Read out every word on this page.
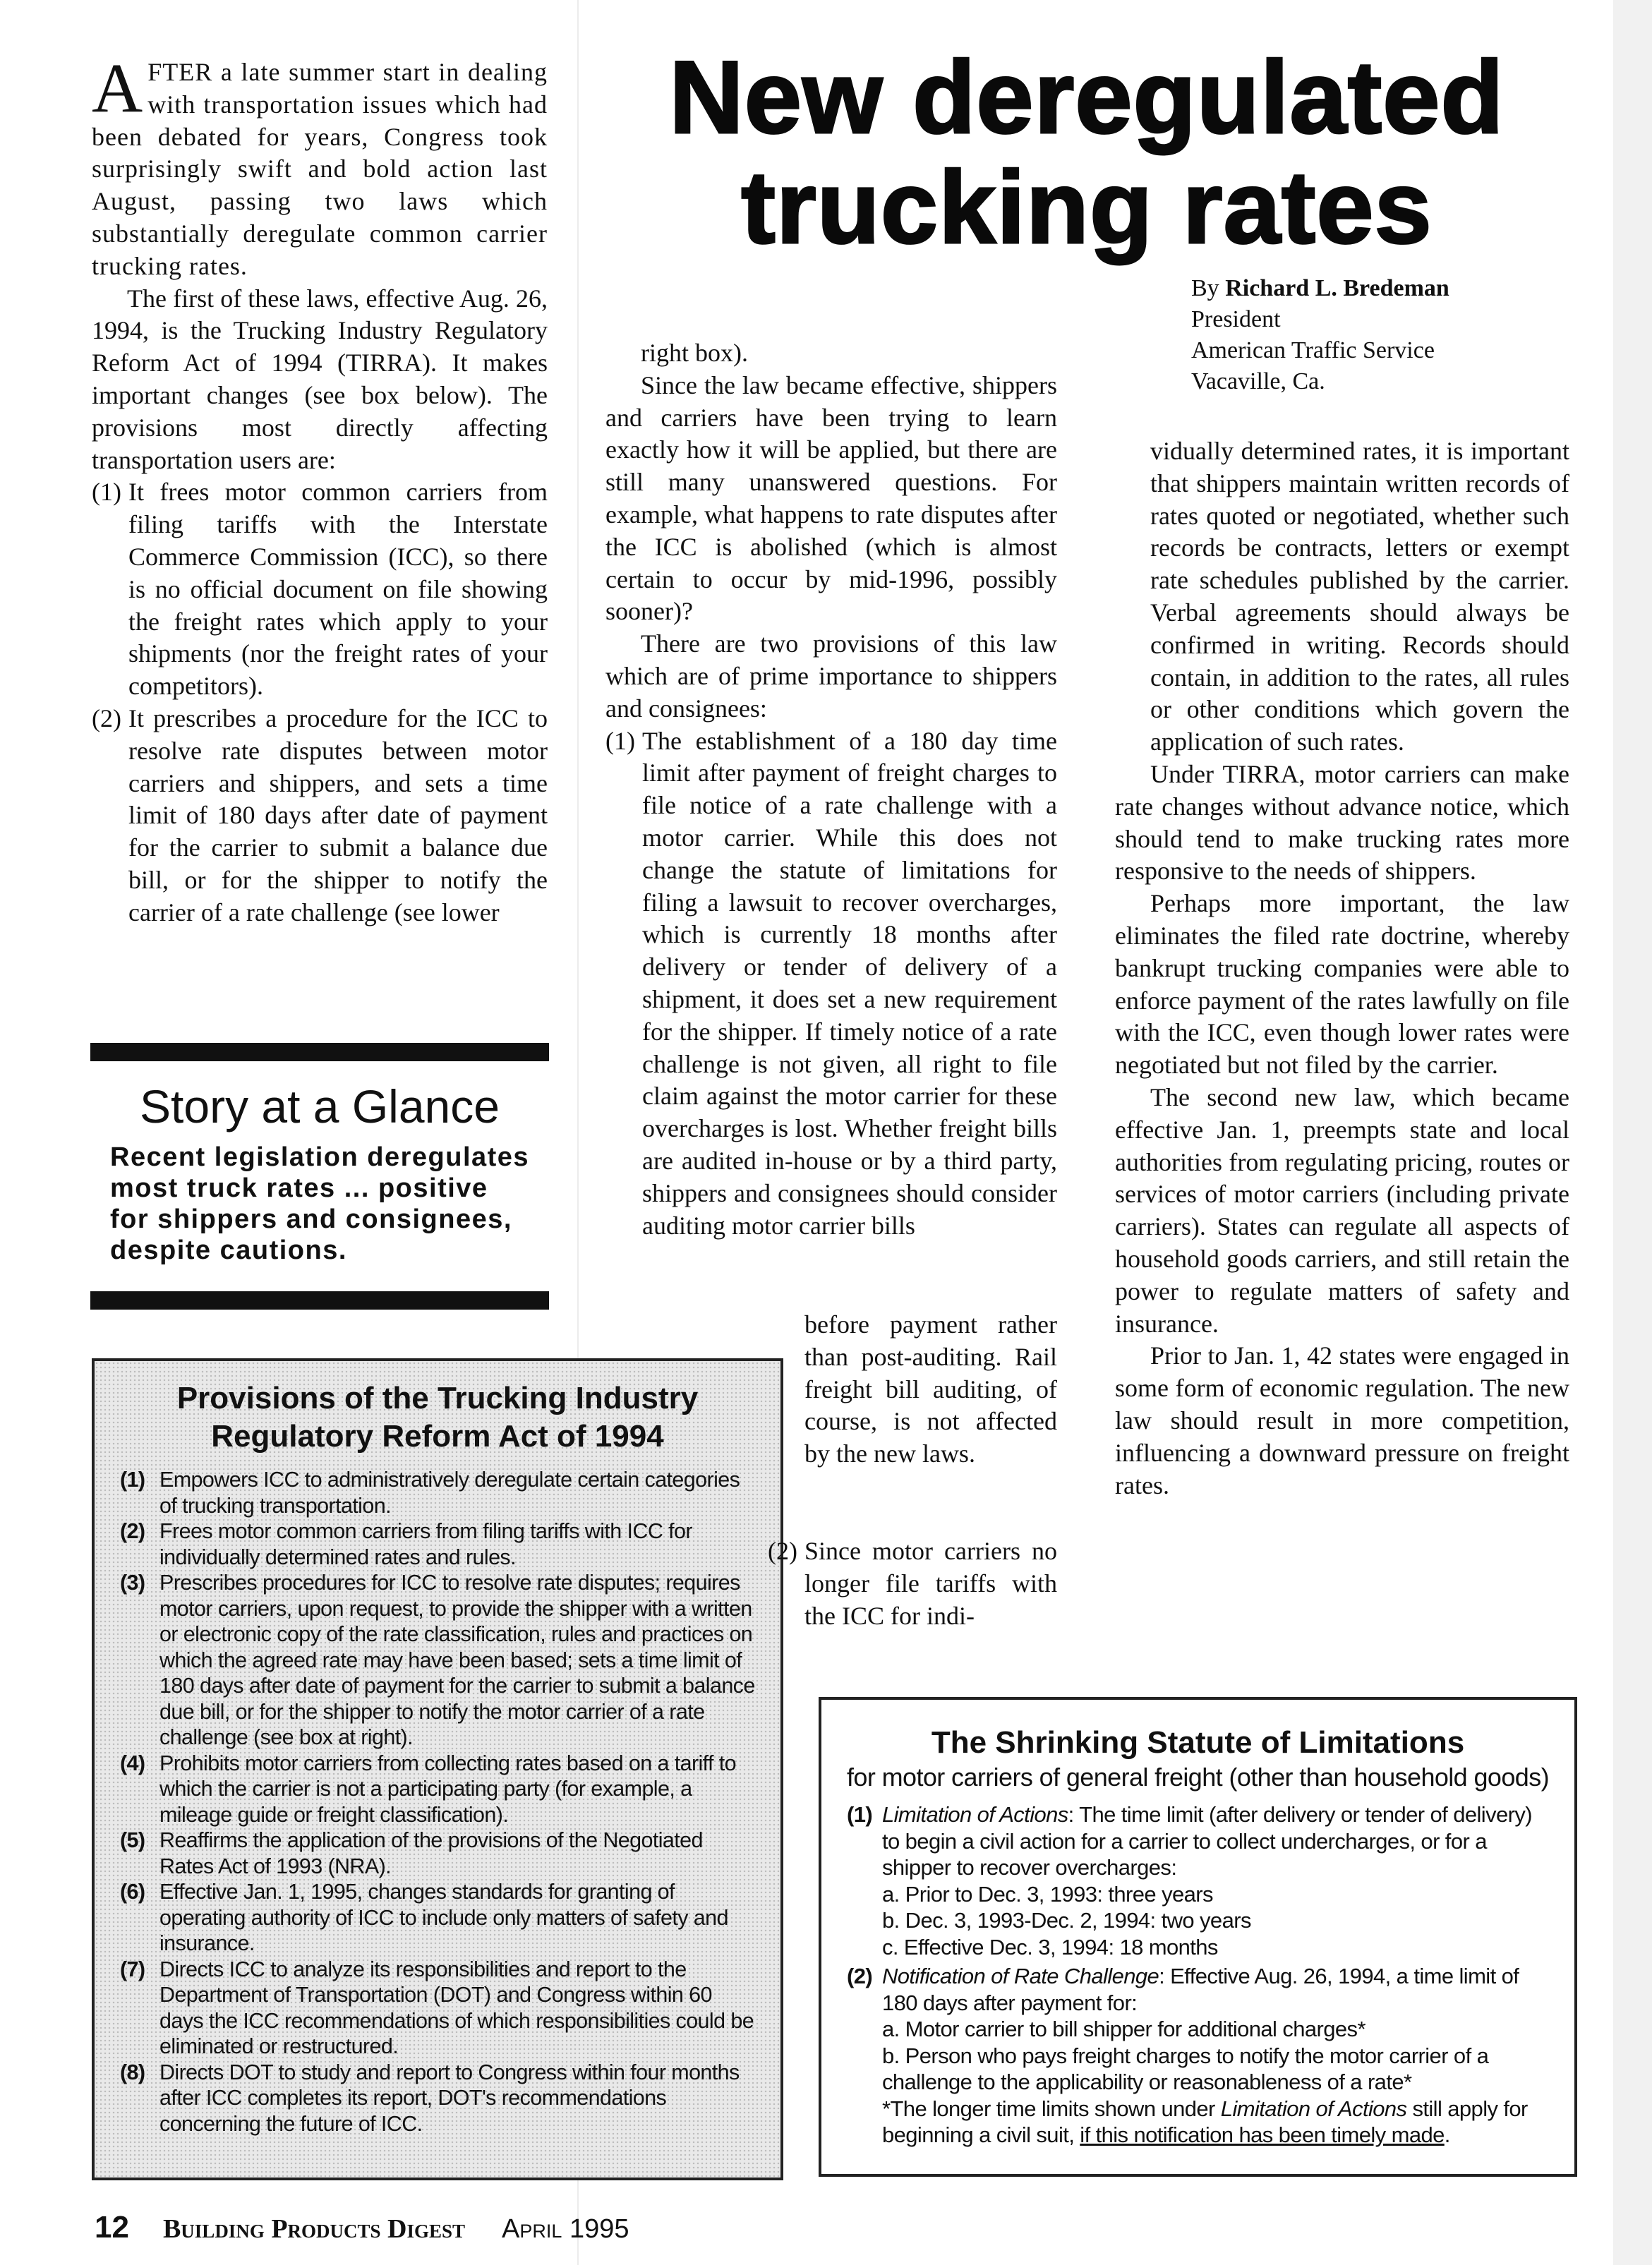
New deregulated
trucking rates
By Richard L. Bredeman
President
American Traffic Service
Vacaville, Ca.

AFTER a late summer start in dealing with transportation issues which had been debated for years, Congress took surprisingly swift and bold action last August, passing two laws which substantially deregulate common carrier trucking rates.

The first of these laws, effective Aug. 26, 1994, is the Trucking Industry Regulatory Reform Act of 1994 (TIRRA). It makes important changes (see box below). The provisions most directly affecting transportation users are:

(1) It frees motor common carriers from filing tariffs with the Interstate Commerce Commission (ICC), so there is no official document on file showing the freight rates which apply to your shipments (nor the freight rates of your competitors).
(2) It prescribes a procedure for the ICC to resolve rate disputes between motor carriers and shippers, and sets a time limit of 180 days after date of payment for the carrier to submit a balance due bill, or for the shipper to notify the carrier of a rate challenge (see lower
Story at a Glance
Recent legislation deregulates most truck rates ... positive for shippers and consignees, despite cautions.
Provisions of the Trucking Industry Regulatory Reform Act of 1994
(1) Empowers ICC to administratively deregulate certain categories of trucking transportation.
(2) Frees motor common carriers from filing tariffs with ICC for individually determined rates and rules.
(3) Prescribes procedures for ICC to resolve rate disputes; requires motor carriers, upon request, to provide the shipper with a written or electronic copy of the rate classification, rules and practices on which the agreed rate may have been based; sets a time limit of 180 days after date of payment for the carrier to submit a balance due bill, or for the shipper to notify the motor carrier of a rate challenge (see box at right).
(4) Prohibits motor carriers from collecting rates based on a tariff to which the carrier is not a participating party (for example, a mileage guide or freight classification).
(5) Reaffirms the application of the provisions of the Negotiated Rates Act of 1993 (NRA).
(6) Effective Jan. 1, 1995, changes standards for granting of operating authority of ICC to include only matters of safety and insurance.
(7) Directs ICC to analyze its responsibilities and report to the Department of Transportation (DOT) and Congress within 60 days the ICC recommendations of which responsibilities could be eliminated or restructured.
(8) Directs DOT to study and report to Congress within four months after ICC completes its report, DOT's recommendations concerning the future of ICC.

right box).

Since the law became effective, shippers and carriers have been trying to learn exactly how it will be applied, but there are still many unanswered questions. For example, what happens to rate disputes after the ICC is abolished (which is almost certain to occur by mid-1996, possibly sooner)?

There are two provisions of this law which are of prime importance to shippers and consignees:

(1) The establishment of a 180 day time limit after payment of freight charges to file notice of a rate challenge with a motor carrier. While this does not change the statute of limitations for filing a lawsuit to recover overcharges, which is currently 18 months after delivery or tender of delivery of a shipment, it does set a new requirement for the shipper. If timely notice of a rate challenge is not given, all right to file claim against the motor carrier for these overcharges is lost. Whether freight bills are audited in-house or by a third party, shippers and consignees should consider auditing motor carrier bills

before payment rather than post-auditing. Rail freight bill auditing, of course, is not affected by the new laws.

(2) Since motor carriers no longer file tariffs with the ICC for indi-

vidually determined rates, it is important that shippers maintain written records of rates quoted or negotiated, whether such records be contracts, letters or exempt rate schedules published by the carrier. Verbal agreements should always be confirmed in writing. Records should contain, in addition to the rates, all rules or other conditions which govern the application of such rates.

Under TIRRA, motor carriers can make rate changes without advance notice, which should tend to make trucking rates more responsive to the needs of shippers.

Perhaps more important, the law eliminates the filed rate doctrine, whereby bankrupt trucking companies were able to enforce payment of the rates lawfully on file with the ICC, even though lower rates were negotiated but not filed by the carrier.

The second new law, which became effective Jan. 1, preempts state and local authorities from regulating pricing, routes or services of motor carriers (including private carriers). States can regulate all aspects of household goods carriers, and still retain the power to regulate matters of safety and insurance.

Prior to Jan. 1, 42 states were engaged in some form of economic regulation. The new law should result in more competition, influencing a downward pressure on freight rates.

The Shrinking Statute of Limitations
for motor carriers of general freight (other than household goods)
(1) Limitation of Actions: The time limit (after delivery or tender of delivery) to begin a civil action for a carrier to collect undercharges, or for a shipper to recover overcharges:
a. Prior to Dec. 3, 1993: three years
b. Dec. 3, 1993-Dec. 2, 1994: two years
c. Effective Dec. 3, 1994: 18 months
(2) Notification of Rate Challenge: Effective Aug. 26, 1994, a time limit of 180 days after payment for:
a. Motor carrier to bill shipper for additional charges*
b. Person who pays freight charges to notify the motor carrier of a challenge to the applicability or reasonableness of a rate*
*The longer time limits shown under Limitation of Actions still apply for beginning a civil suit, if this notification has been timely made.
12 Building Products Digest April 1995
